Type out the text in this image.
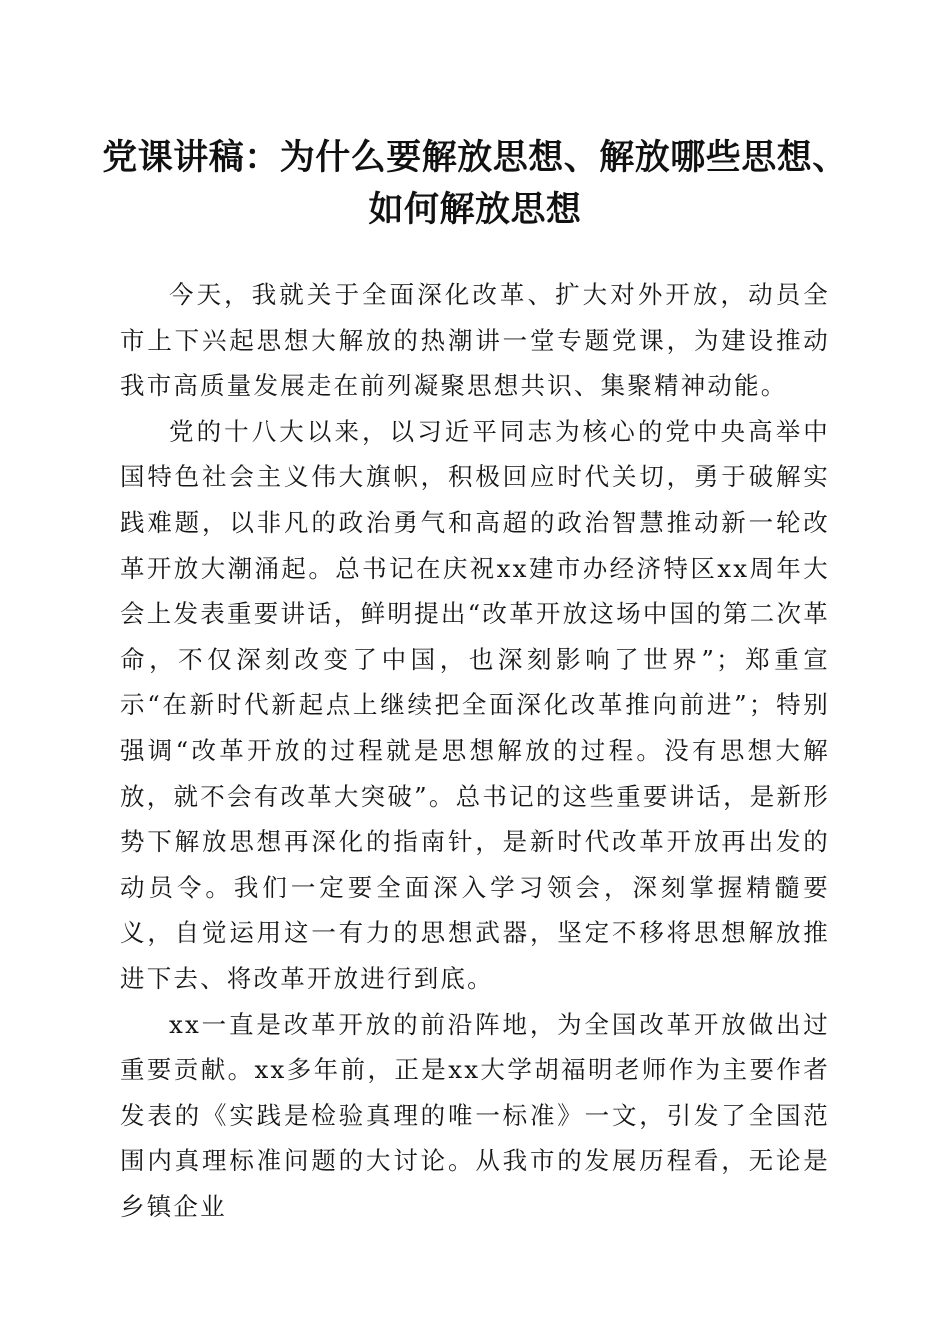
党课讲稿：为什么要解放思想、解放哪些思想、
如何解放思想

今天，我就关于全面深化改革、扩大对外开放，动员全市上下兴起思想大解放的热潮讲一堂专题党课，为建设推动我市高质量发展走在前列凝聚思想共识、集聚精神动能。

党的十八大以来，以习近平同志为核心的党中央高举中国特色社会主义伟大旗帜，积极回应时代关切，勇于破解实践难题，以非凡的政治勇气和高超的政治智慧推动新一轮改革开放大潮涌起。总书记在庆祝xx建市办经济特区xx周年大会上发表重要讲话，鲜明提出“改革开放这场中国的第二次革命，不仅深刻改变了中国，也深刻影响了世界”；郑重宣示“在新时代新起点上继续把全面深化改革推向前进”；特别强调“改革开放的过程就是思想解放的过程。没有思想大解放，就不会有改革大突破”。总书记的这些重要讲话，是新形势下解放思想再深化的指南针，是新时代改革开放再出发的动员令。我们一定要全面深入学习领会，深刻掌握精髓要义，自觉运用这一有力的思想武器，坚定不移将思想解放推进下去、将改革开放进行到底。

xx一直是改革开放的前沿阵地，为全国改革开放做出过重要贡献。xx多年前，正是xx大学胡福明老师作为主要作者发表的《实践是检验真理的唯一标准》一文，引发了全国范围内真理标准问题的大讨论。从我市的发展历程看，无论是乡镇企业
